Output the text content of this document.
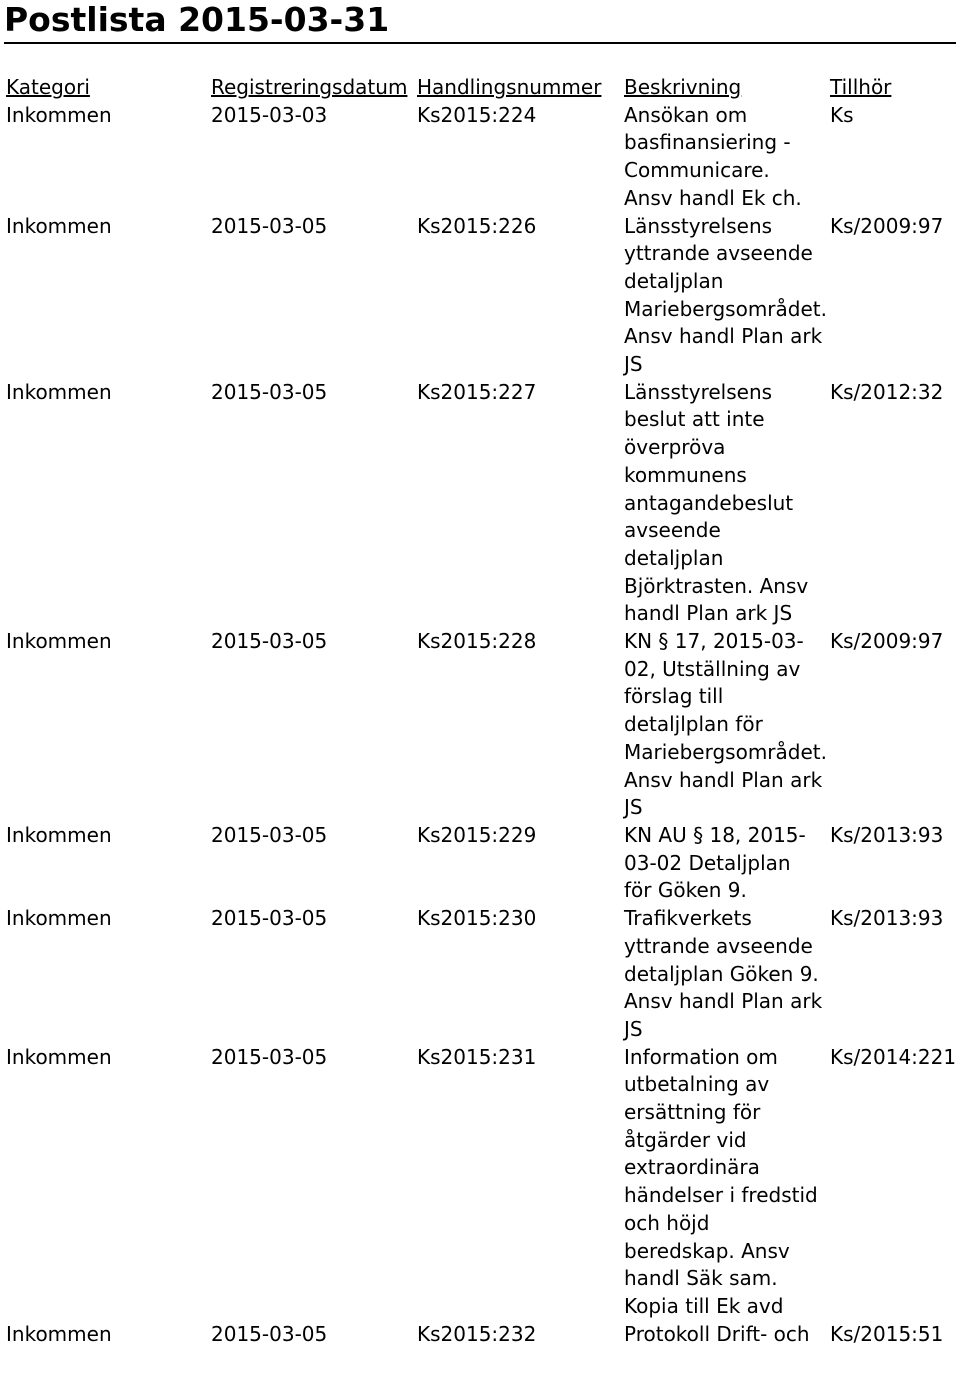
Postlista 2015-03-31
Kategori	Registreringsdatum	Handlingsnummer	Beskrivning	Tillhör
Inkommen	2015-03-03	Ks2015:224	Ansökan om basfinansiering - Communicare. Ansv handl Ek ch.	Ks
Inkommen	2015-03-05	Ks2015:226	Länsstyrelsens yttrande avseende detaljplan Mariebergsområdet. Ansv handl Plan ark JS	Ks/2009:97
Inkommen	2015-03-05	Ks2015:227	Länsstyrelsens beslut att inte överpröva kommunens antagandebeslut avseende detaljplan Björktrasten. Ansv handl Plan ark JS	Ks/2012:32
Inkommen	2015-03-05	Ks2015:228	KN § 17, 2015-03-02, Utställning av förslag till detaljlplan för Mariebergsområdet. Ansv handl Plan ark JS	Ks/2009:97
Inkommen	2015-03-05	Ks2015:229	KN AU § 18, 2015-03-02 Detaljplan för Göken 9.	Ks/2013:93
Inkommen	2015-03-05	Ks2015:230	Trafikverkets yttrande avseende detaljplan Göken 9. Ansv handl Plan ark JS	Ks/2013:93
Inkommen	2015-03-05	Ks2015:231	Information om utbetalning av ersättning för åtgärder vid extraordinära händelser i fredstid och höjd beredskap. Ansv handl Säk sam. Kopia till Ek avd	Ks/2014:221
Inkommen	2015-03-05	Ks2015:232	Protokoll Drift- och	Ks/2015:51
